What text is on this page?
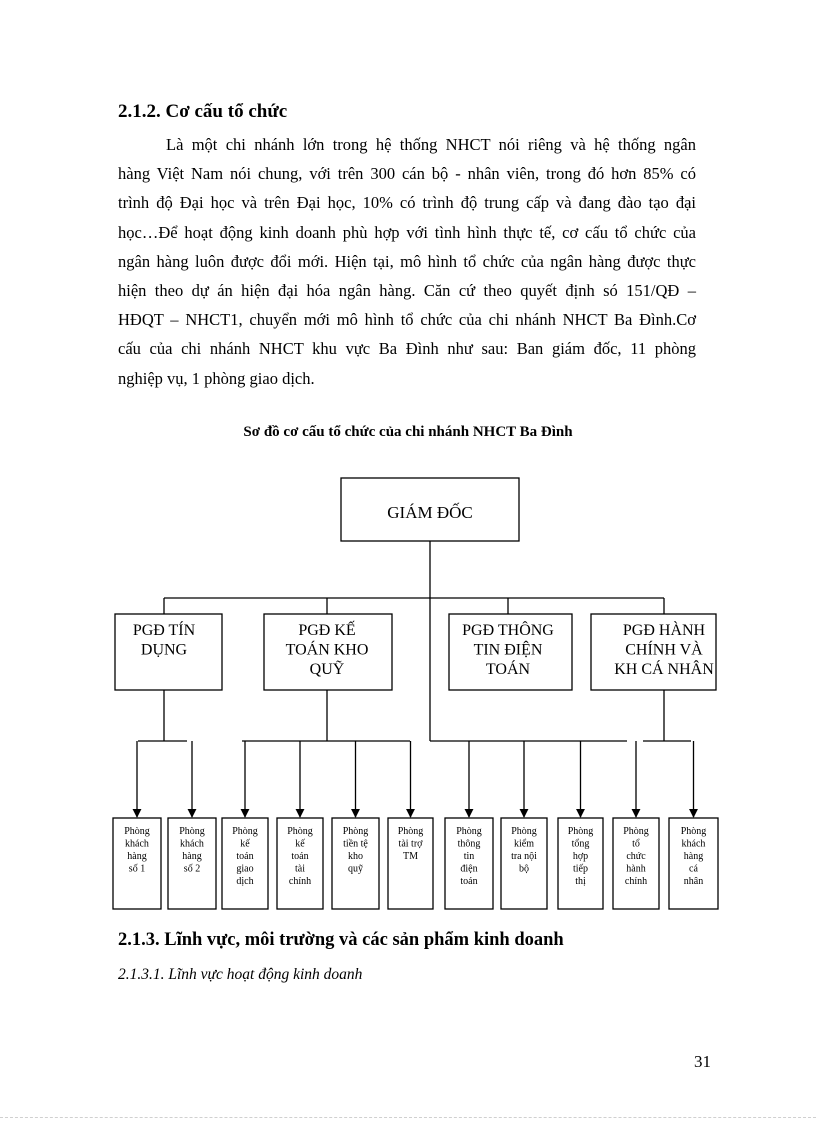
2.1.2. Cơ cấu tổ chức
Là một chi nhánh lớn trong hệ thống NHCT nói riêng và hệ thống ngân
hàng Việt Nam nói chung, với trên 300 cán bộ - nhân viên, trong đó hơn 85% có
trình độ Đại học và trên Đại học, 10% có trình độ trung cấp và đang đào tạo đại
học…Để hoạt động kinh doanh phù hợp với tình hình thực tế, cơ cấu tổ chức của
ngân hàng luôn được đổi mới. Hiện tại, mô hình tổ chức của ngân hàng được thực
hiện theo dự án hiện đại hóa ngân hàng. Căn cứ theo quyết định só 151/QĐ –
HĐQT – NHCT1, chuyển mới mô hình tổ chức của chi nhánh NHCT Ba Đình.Cơ
cấu của chi nhánh NHCT khu vực Ba Đình như sau: Ban giám đốc, 11 phòng
nghiệp vụ, 1 phòng giao dịch.
Sơ đồ cơ cấu tổ chức của chi nhánh NHCT Ba Đình
GIÁM ĐỐC
PGĐ TÍN
DỤNG
PGĐ KẾ
TOÁN KHO
QUỸ
PGĐ THÔNG
TIN ĐIỆN
TOÁN
PGĐ HÀNH
CHÍNH VÀ
KH CÁ NHÂN
Phòng
khách
hàng
số 1
Phòng
khách
hàng
số 2
Phòng
kế
toán
giao
dịch
Phòng
kế
toán
tài
chính
Phòng
tiền tệ
kho
quỹ
Phòng
tài trợ
TM
Phòng
thông
tin
điện
toán
Phòng
kiểm
tra nội
bộ
Phòng
tổng
hợp
tiếp
thị
Phòng
tổ
chức
hành
chính
Phòng
khách
hàng
cá
nhân
2.1.3. Lĩnh vực, môi trường và các sản phẩm kinh doanh
2.1.3.1. Lĩnh vực hoạt động kinh doanh
31
